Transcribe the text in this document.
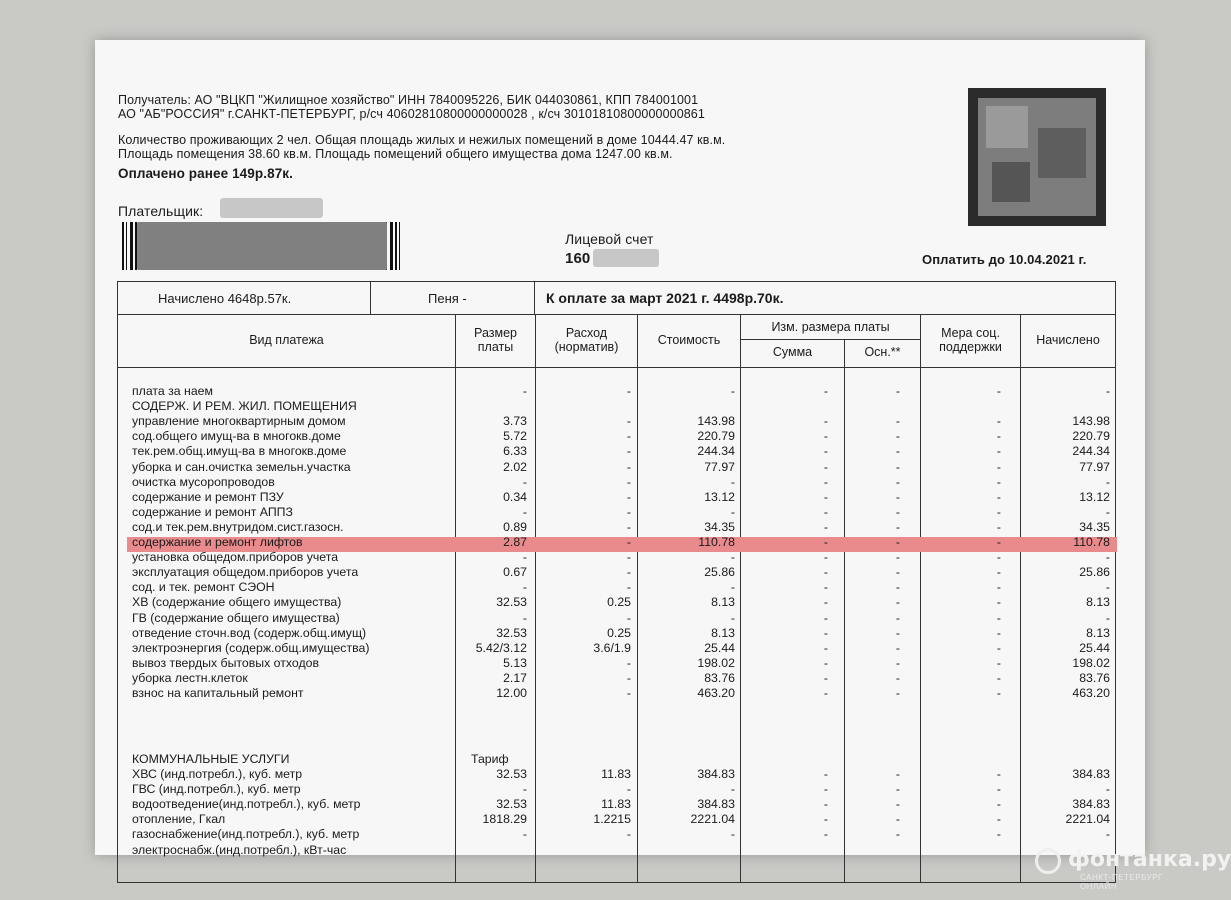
Получатель: АО "ВЦКП "Жилищное хозяйство" ИНН 7840095226, БИК 044030861, КПП 784001001
АО "АБ"РОССИЯ" г.САНКТ-ПЕТЕРБУРГ, р/сч 40602810800000000028 , к/сч 30101810800000000861
Количество проживающих 2 чел. Общая площадь жилых и нежилых помещений в доме 10444.47 кв.м.
Площадь помещения 38.60 кв.м. Площадь помещений общего имущества дома 1247.00 кв.м.
Оплачено ранее 149р.87к.
Плательщик:
Лицевой счет
160	Оплатить до 10.04.2021 г.
Начислено 4648р.57к.	Пеня -	К оплате за март 2021 г. 4498р.70к.
Вид платежа	Размер
платы
Расход
(норматив)	Стоимость
Изм. размера платы
Сумма	Осн.**
Мера соц.
поддержки	Начислено
плата за наем	-	-	-	-	-	-	-
СОДЕРЖ. И РЕМ. ЖИЛ. ПОМЕЩЕНИЯ
управление многоквартирным домом	3.73	-	143.98	-	-	-	143.98
сод.общего имущ-ва в многокв.доме	5.72	-	220.79	-	-	-	220.79
тек.рем.общ.имущ-ва в многокв.доме	6.33	-	244.34	-	-	-	244.34
уборка и сан.очистка земельн.участка	2.02	-	77.97	-	-	-	77.97
очистка мусоропроводов	-	-	-	-	-	-	-
содержание и ремонт ПЗУ	0.34	-	13.12	-	-	-	13.12
содержание и ремонт АППЗ	-	-	-	-	-	-	-
сод.и тек.рем.внутридом.сист.газосн.	0.89	-	34.35	-	-	-	34.35
содержание и ремонт лифтов	2.87	-	110.78	-	-	-	110.78
установка общедом.приборов учета	-	-	-	-	-	-	-
эксплуатация общедом.приборов учета	0.67	-	25.86	-	-	-	25.86
сод. и тек. ремонт СЭОН	-	-	-	-	-	-	-
ХВ (содержание общего имущества)	32.53	0.25	8.13	-	-	-	8.13
ГВ (содержание общего имущества)	-	-	-	-	-	-	-
отведение сточн.вод (содерж.общ.имущ)	32.53	0.25	8.13	-	-	-	8.13
электроэнергия (содерж.общ.имущества)	5.42/3.12	3.6/1.9	25.44	-	-	-	25.44
вывоз твердых бытовых отходов	5.13	-	198.02	-	-	-	198.02
уборка лестн.клеток	2.17	-	83.76	-	-	-	83.76
взнос на капитальный ремонт	12.00	-	463.20	-	-	-	463.20
КОММУНАЛЬНЫЕ УСЛУГИ	Тариф
ХВС (инд.потребл.), куб. метр	32.53	11.83	384.83	-	-	-	384.83
ГВС (инд.потребл.), куб. метр	-	-	-	-	-	-	-
водоотведение(инд.потребл.), куб. метр	32.53	11.83	384.83	-	-	-	384.83
отопление, Гкал	1818.29	1.2215	2221.04	-	-	-	2221.04
газоснабжение(инд.потребл.), куб. метр	-	-	-	-	-	-	-
электроснабж.(инд.потребл.), кВт-час	фонтанка.ру
САНКТ-ПЕТЕРБУРГ ОНЛАЙН
